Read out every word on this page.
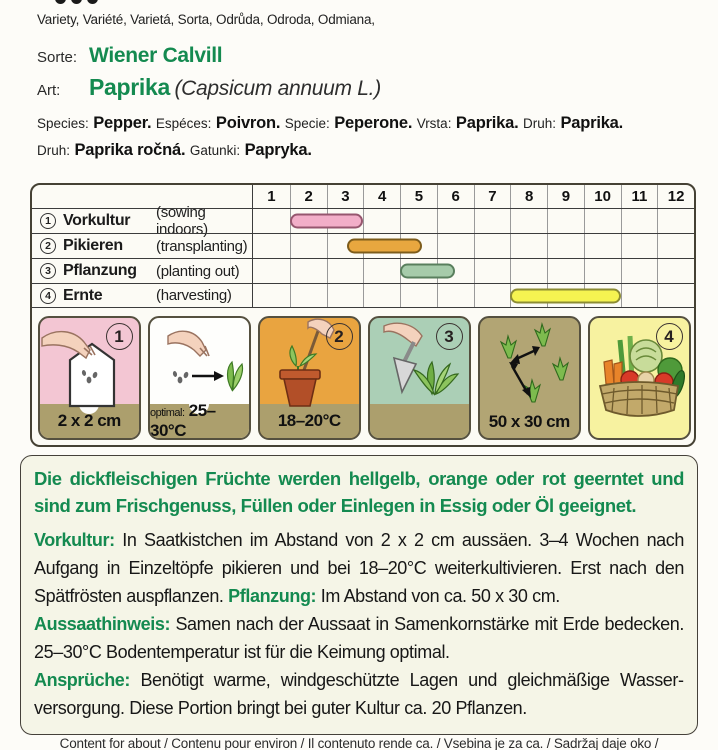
Variety, Variété, Varietá, Sorta, Odrůda, Odroda, Odmiana,
Sorte: Wiener Calvill
Art: Paprika (Capsicum annuum L.)
Species: Pepper. Espéces: Poivron. Specie: Peperone. Vrsta: Paprika. Druh: Paprika.
Druh: Paprika ročná. Gatunki: Papryka.
1	2	3	4	5	6	7	8	9	10	11	12
1 Vorkultur	(sowing indoors)
2 Pikieren	(transplanting)
3 Pflanzung	(planting out)
4 Ernte	(harvesting)
1
2 x 2 cm	optimal: 25–30°C
2
18–20°C
3
50 x 30 cm
4
Die dickfleischigen Früchte werden hellgelb, orange oder rot geerntet und sind zum Frischgenuss, Füllen oder Einlegen in Essig oder Öl geeignet.
Vorkultur: In Saatkistchen im Abstand von 2 x 2 cm aussäen. 3–4 Wochen nach Aufgang in Einzeltöpfe pikieren und bei 18–20°C weiterkultivieren. Erst nach den Spätfrösten auspflanzen. Pflanzung: Im Abstand von ca. 50 x 30 cm.
Aussaathinweis: Samen nach der Aussaat in Samenkornstärke mit Erde bedecken. 25–30°C Bodentemperatur ist für die Keimung optimal.
Ansprüche: Benötigt warme, windgeschützte Lagen und gleichmäßige Wasserversorgung. Diese Portion bringt bei guter Kultur ca. 20 Pflanzen.
Content for about / Contenu pour environ / Il contenuto rende ca. / Vsebina je za ca. / Sadržaj daje oko /
